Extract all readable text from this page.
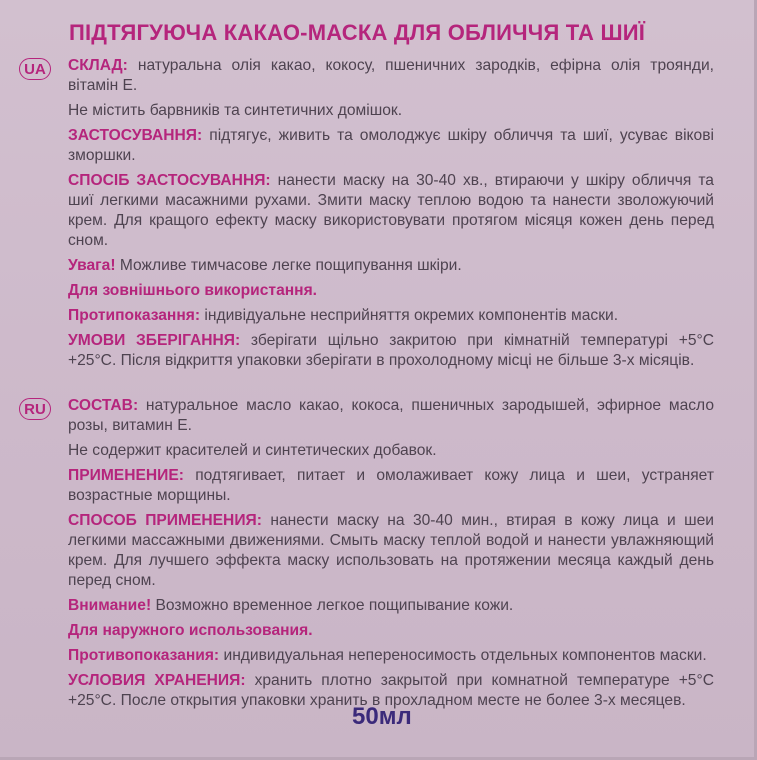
ПІДТЯГУЮЧА КАКАО-МАСКА ДЛЯ ОБЛИЧЧЯ ТА ШИЇ
UA	СКЛАД: натуральна олія какао, кокосу, пшеничних зародків, ефірна олія троянди, вітамін Е.

Не містить барвників та синтетичних домішок.

ЗАСТОСУВАННЯ: підтягує, живить та омолоджує шкіру обличчя та шиї, усуває вікові зморшки.

СПОСІБ ЗАСТОСУВАННЯ: нанести маску на 30-40 хв., втираючи у шкіру обличчя та шиї легкими масажними рухами. Змити маску теплою водою та нанести зволожуючий крем. Для кращого ефекту маску використовувати протягом місяця кожен день перед сном.

Увага! Можливе тимчасове легке пощипування шкіри.

Для зовнішнього використання.

Протипоказання: індивідуальне несприйняття окремих компонентів маски.

УМОВИ ЗБЕРІГАННЯ: зберігати щільно закритою при кімнатній температурі +5°С +25°С. Після відкриття упаковки зберігати в прохолодному місці не більше 3-х місяців.

RU	СОСТАВ: натуральное масло какао, кокоса, пшеничных зародышей, эфирное масло розы, витамин Е.

Не содержит красителей и синтетических добавок.

ПРИМЕНЕНИЕ: подтягивает, питает и омолаживает кожу лица и шеи, устраняет возрастные морщины.

СПОСОБ ПРИМЕНЕНИЯ: нанести маску на 30-40 мин., втирая в кожу лица и шеи легкими массажными движениями. Смыть маску теплой водой и нанести увлажняющий крем. Для лучшего эффекта маску использовать на протяжении месяца каждый день перед сном.

Внимание! Возможно временное легкое пощипывание кожи.

Для наружного использования.

Противопоказания: индивидуальная непереносимость отдельных компонентов маски.

УСЛОВИЯ ХРАНЕНИЯ: хранить плотно закрытой при комнатной температуре +5°С +25°С. После открытия упаковки хранить в прохладном месте не более 3-х месяцев.

50мл
